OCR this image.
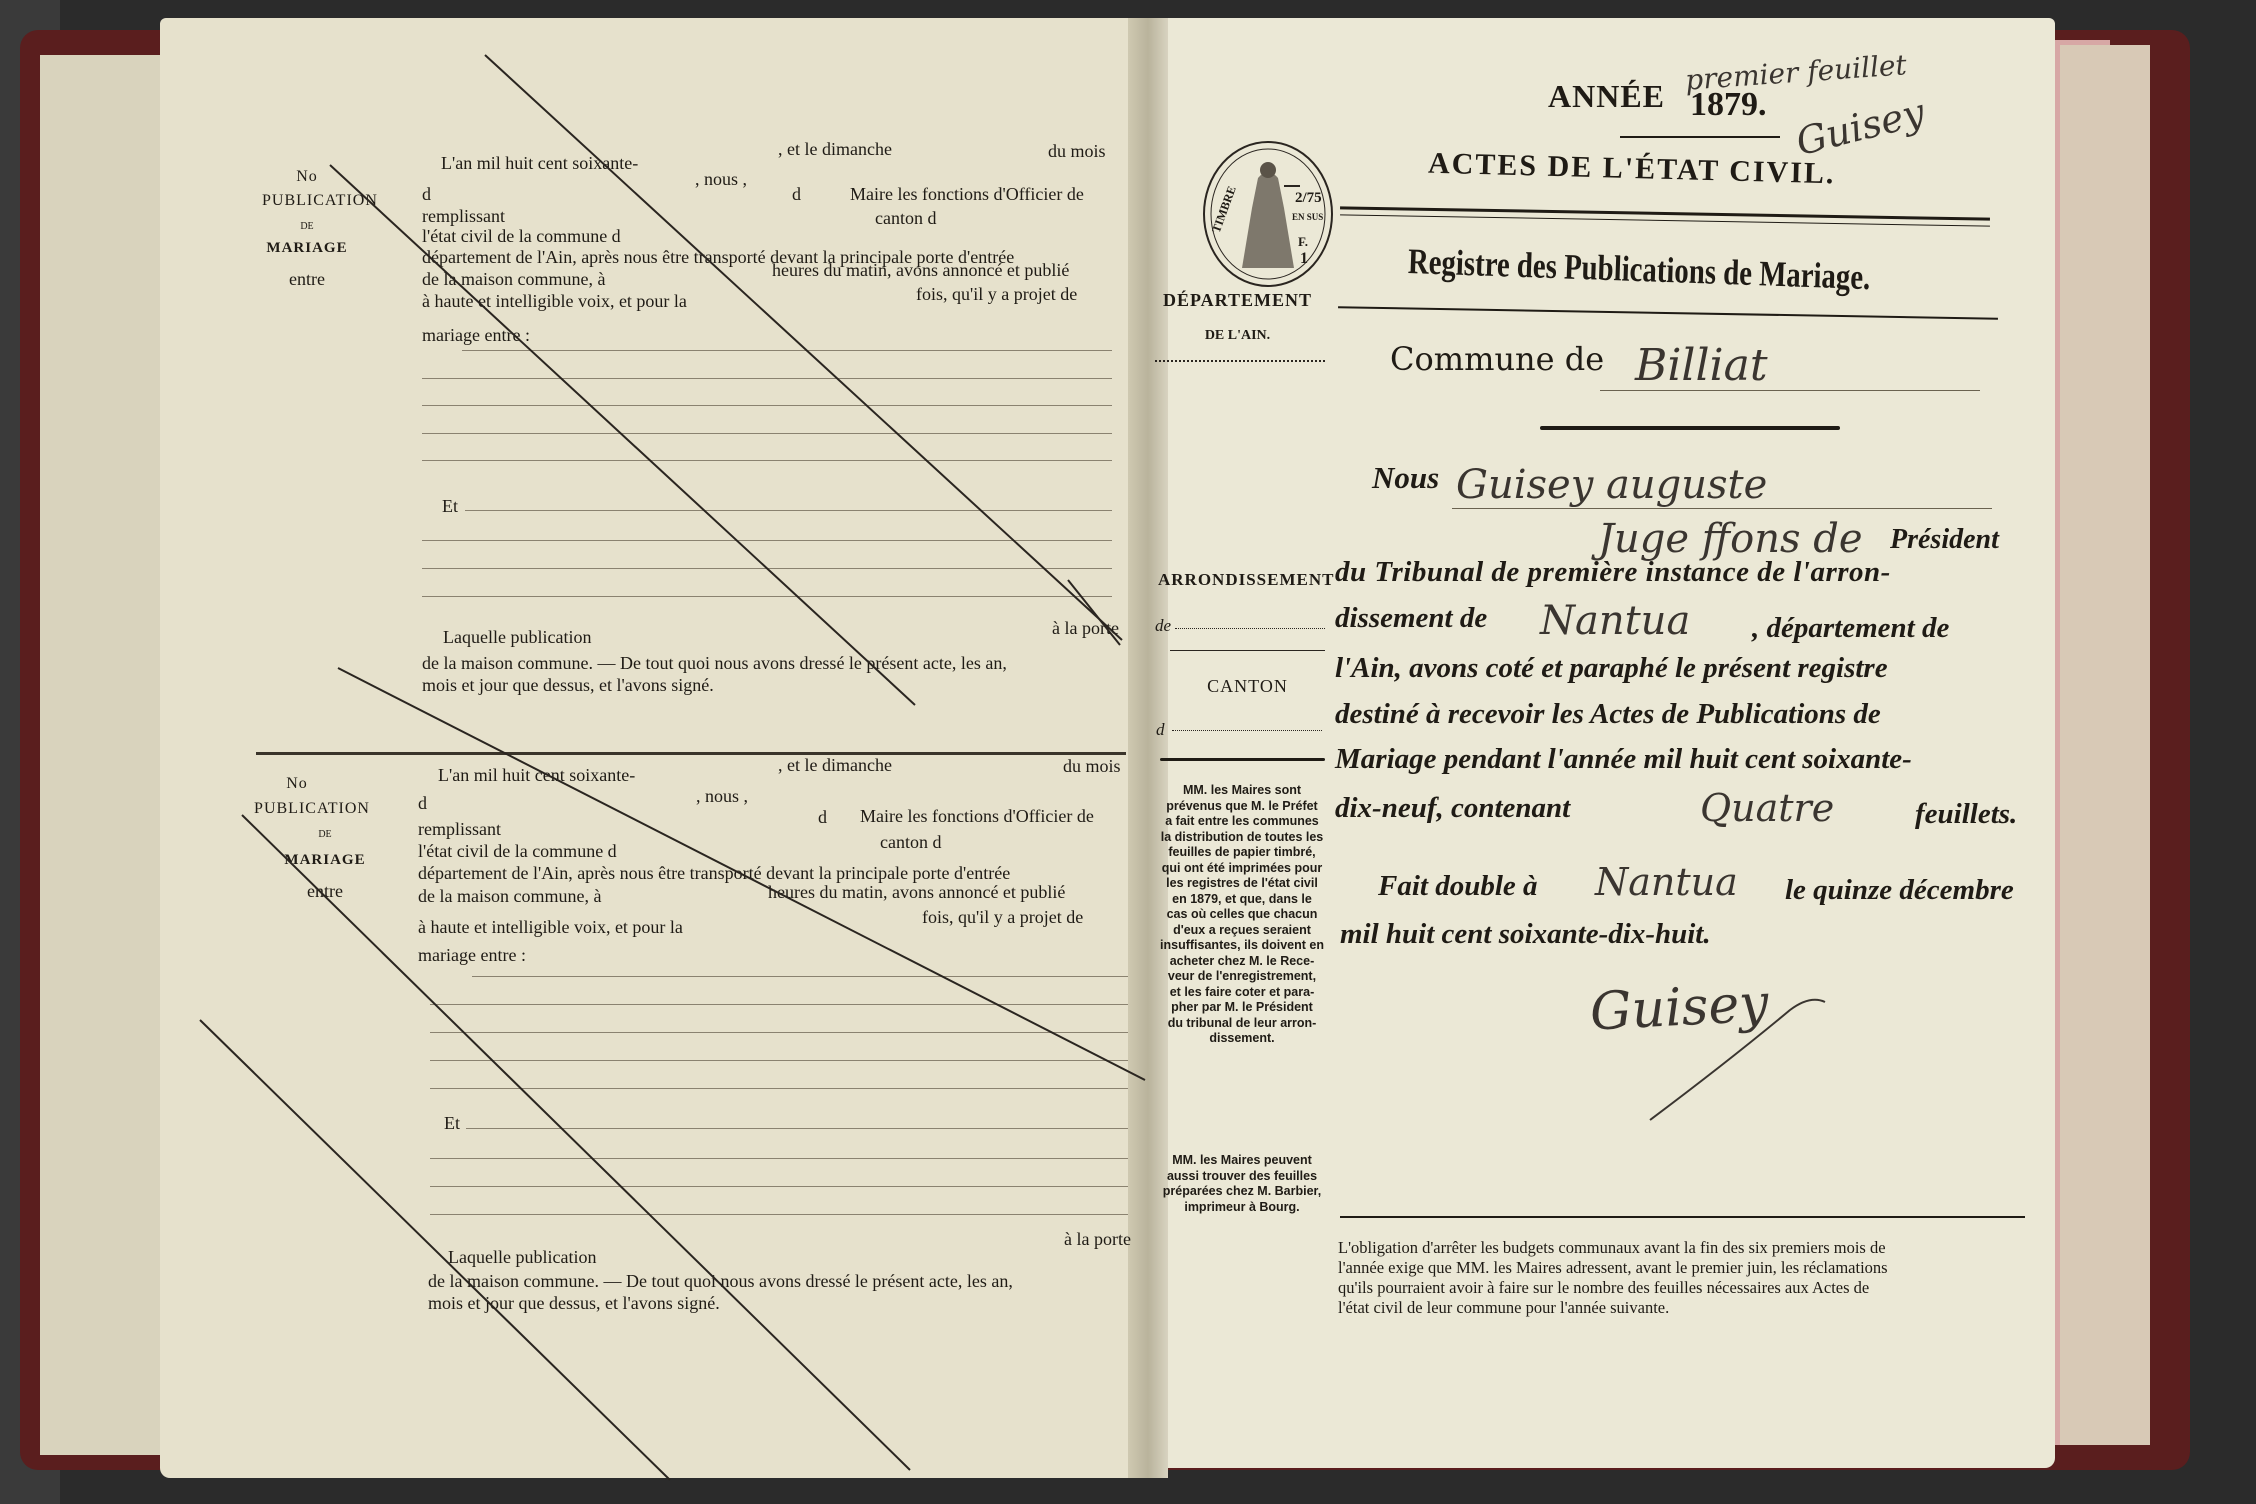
No
PUBLICATION
DE
MARIAGE
entre
L'an mil huit cent soixante-
, et le dimanche	du mois
d
, nous ,
d	Maire les fonctions d'Officier de
remplissant	canton d
l'état civil de la commune d
département de l'Ain, après nous être transporté devant la principale porte d'entrée
de la maison commune, à	heures du matin, avons annoncé et publié
à haute et intelligible voix, et pour la	fois, qu'il y a projet de
mariage entre :
Et
Laquelle publication	à la porte
de la maison commune. — De tout quoi nous avons dressé le présent acte, les an,
mois et jour que dessus, et l'avons signé.
No
PUBLICATION
DE
MARIAGE
entre
L'an mil huit cent soixante-	, et le dimanche	du mois
d	, nous ,
d Maire les fonctions d'Officier de
remplissant
canton d
l'état civil de la commune d
département de l'Ain, après nous être transporté devant la principale porte d'entrée
de la maison commune, à	heures du matin, avons annoncé et publié
à haute et intelligible voix, et pour la	fois, qu'il y a projet de
mariage entre :
Et
Laquelle publication
à la porte
de la maison commune. — De tout quoi nous avons dressé le présent acte, les an,
mois et jour que dessus, et l'avons signé.
ANNÉE 1879.
premier feuillet
Guisey
TIMBRE	2/75
EN SUS
F.
1
ACTES DE L'ÉTAT CIVIL.
Registre des Publications de Mariage.
DÉPARTEMENT
DE L'AIN.
Commune de Billiat
Nous Guisey auguste
Juge ffons de Président
du Tribunal de première instance de l'arron-
dissement de Nantua , département de
l'Ain, avons coté et paraphé le présent registre
destiné à recevoir les Actes de Publications de
Mariage pendant l'année mil huit cent soixante-
dix-neuf, contenant	Quatre	feuillets.
Fait double à Nantua le quinze décembre
mil huit cent soixante-dix-huit.
Guisey
ARRONDISSEMENT
de
CANTON
d
MM. les Maires sont
prévenus que M. le Préfet
a fait entre les communes
la distribution de toutes les
feuilles de papier timbré,
qui ont été imprimées pour
les registres de l'état civil
en 1879, et que, dans le
cas où celles que chacun
d'eux a reçues seraient
insuffisantes, ils doivent en
acheter chez M. le Rece-
veur de l'enregistrement,
et les faire coter et para-
pher par M. le Président
du tribunal de leur arron-
dissement.
MM. les Maires peuvent
aussi trouver des feuilles
préparées chez M. Barbier,
imprimeur à Bourg.
L'obligation d'arrêter les budgets communaux avant la fin des six premiers mois de
l'année exige que MM. les Maires adressent, avant le premier juin, les réclamations
qu'ils pourraient avoir à faire sur le nombre des feuilles nécessaires aux Actes de
l'état civil de leur commune pour l'année suivante.
